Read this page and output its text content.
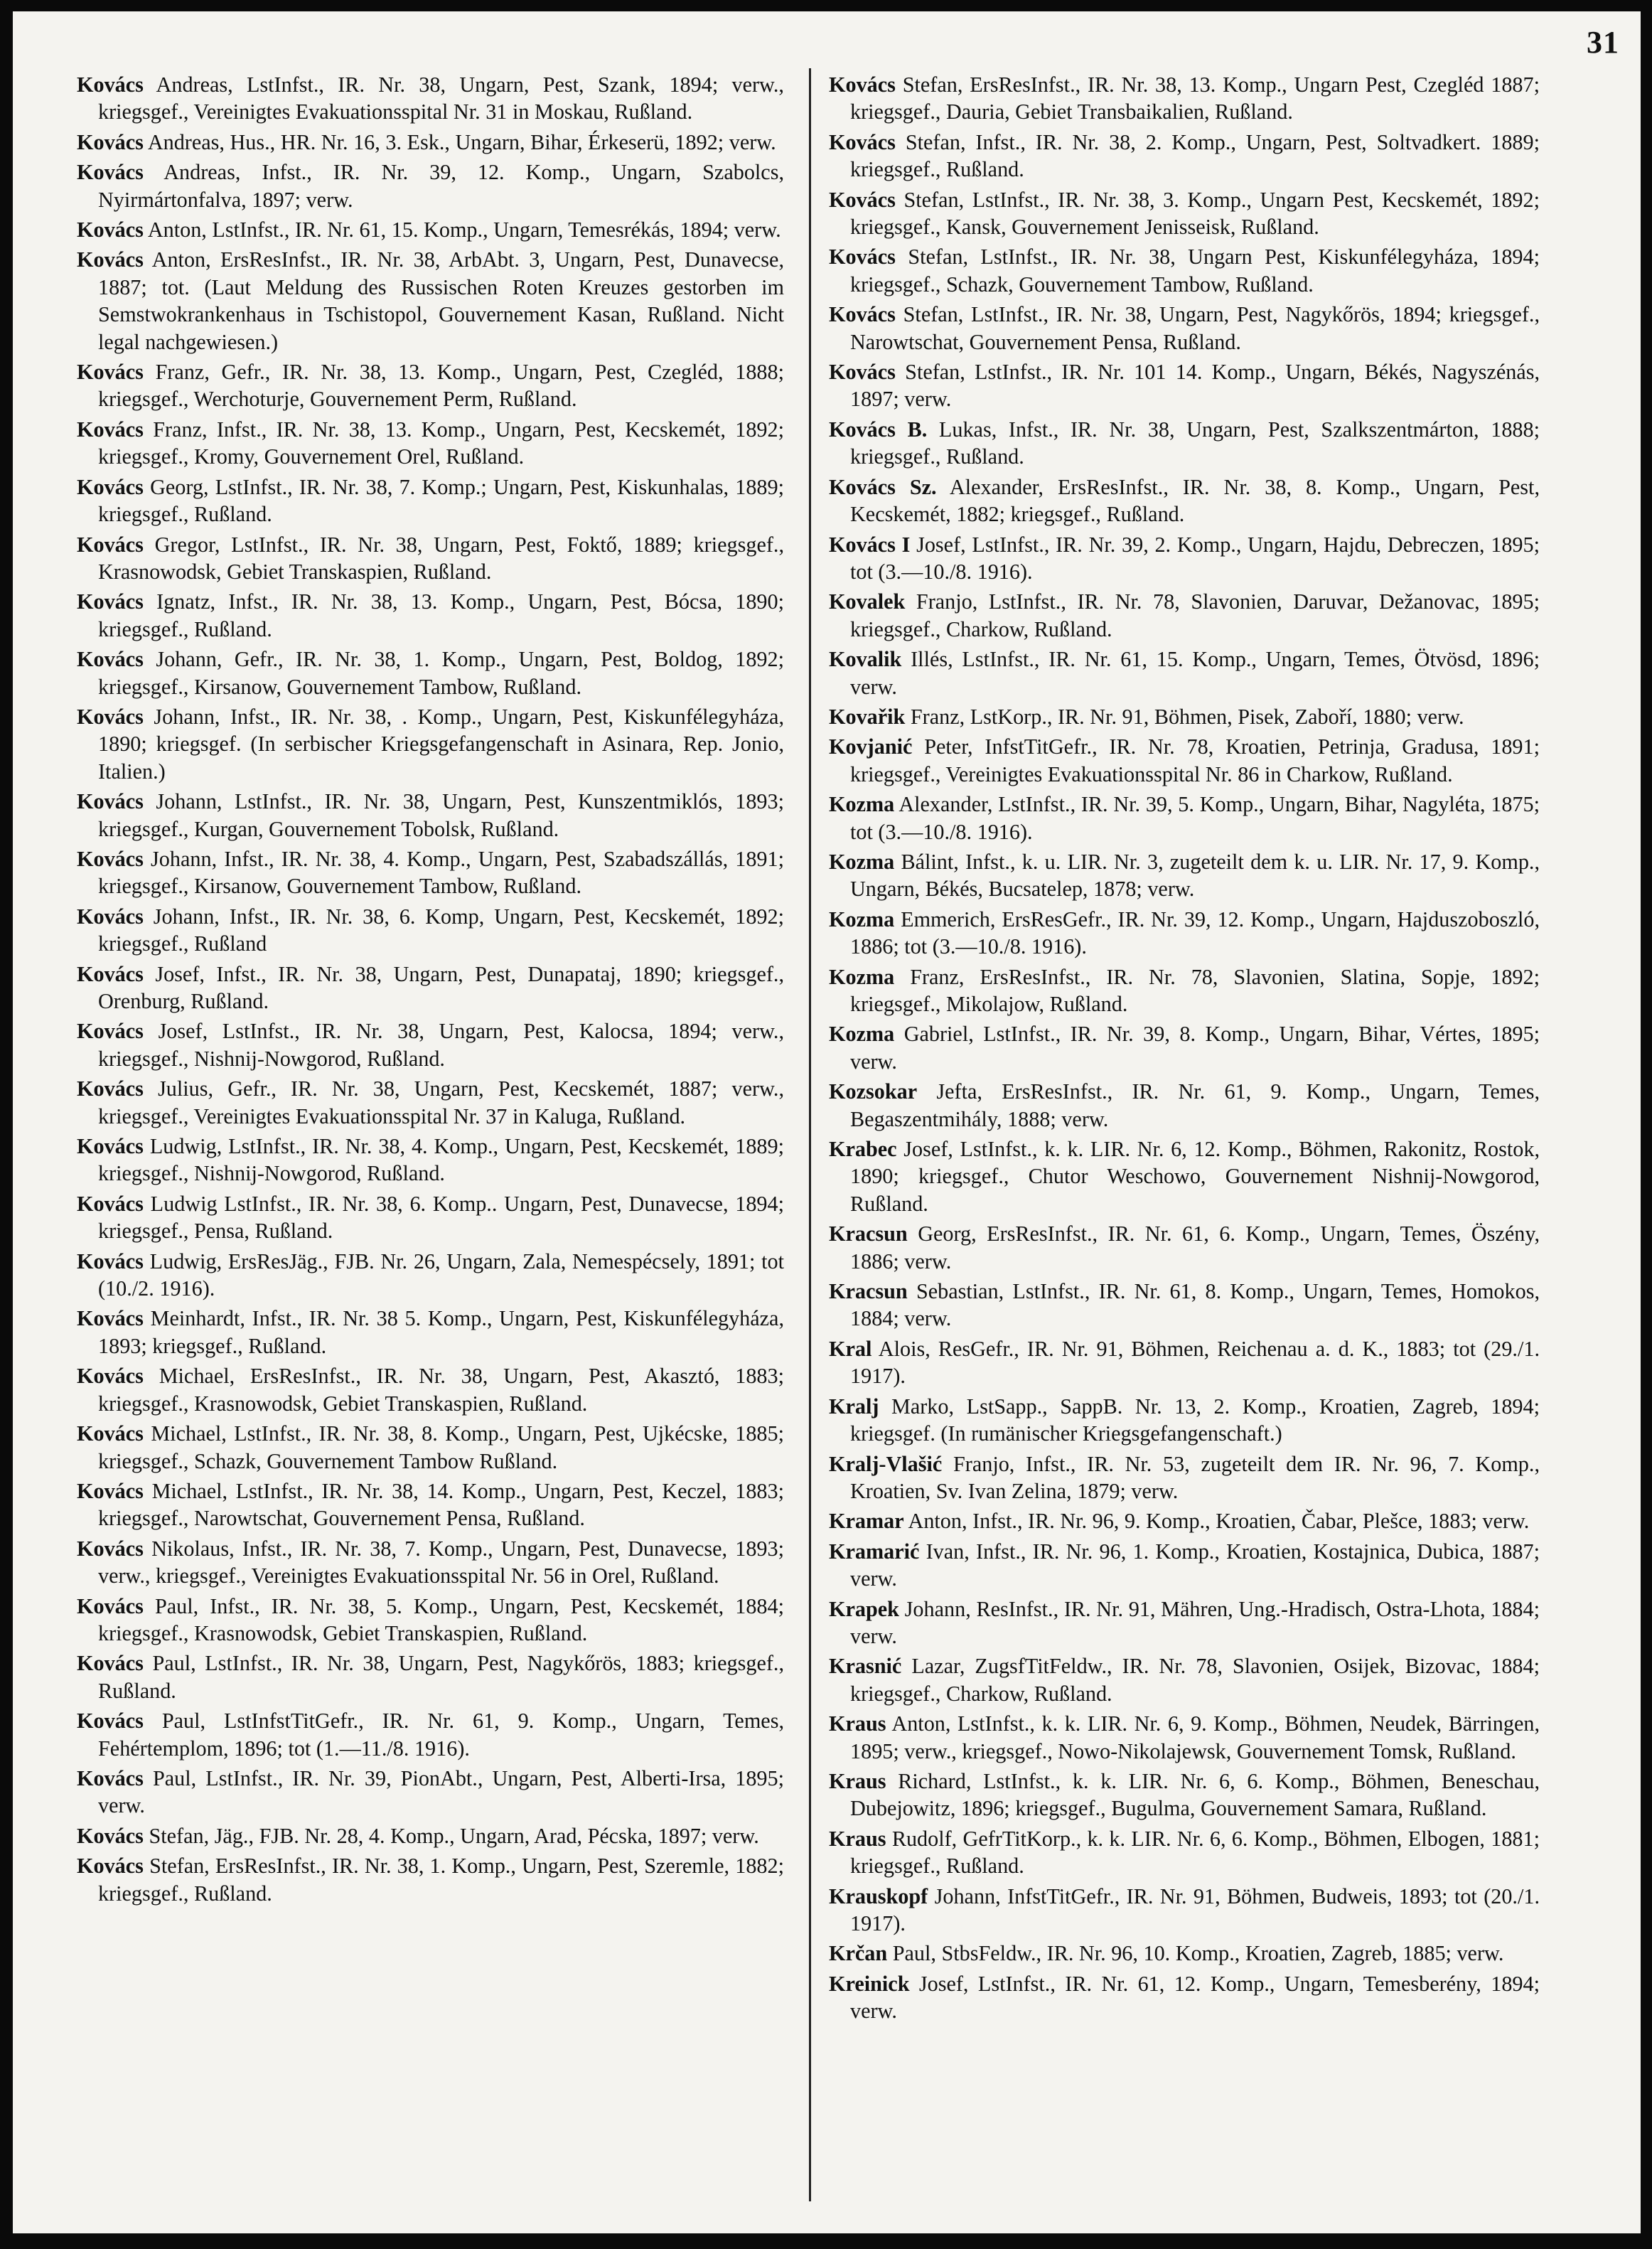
31

Kovács Andreas, LstInfst., IR. Nr. 38, Ungarn, Pest, Szank, 1894; verw., kriegsgef., Vereinigtes Evakuationsspital Nr. 31 in Moskau, Rußland.

Kovács Andreas, Hus., HR. Nr. 16, 3. Esk., Ungarn, Bihar, Érkeserü, 1892; verw.

Kovács Andreas, Infst., IR. Nr. 39, 12. Komp., Ungarn, Szabolcs, Nyirmártonfalva, 1897; verw.

Kovács Anton, LstInfst., IR. Nr. 61, 15. Komp., Ungarn, Temesrékás, 1894; verw.

Kovács Anton, ErsResInfst., IR. Nr. 38, ArbAbt. 3, Ungarn, Pest, Dunavecse, 1887; tot. (Laut Meldung des Russischen Roten Kreuzes gestorben im Semstwokrankenhaus in Tschistopol, Gouvernement Kasan, Rußland. Nicht legal nachgewiesen.)

Kovács Franz, Gefr., IR. Nr. 38, 13. Komp., Ungarn, Pest, Czegléd, 1888; kriegsgef., Werchoturje, Gouvernement Perm, Rußland.

Kovács Franz, Infst., IR. Nr. 38, 13. Komp., Ungarn, Pest, Kecskemét, 1892; kriegsgef., Kromy, Gouvernement Orel, Rußland.

Kovács Georg, LstInfst., IR. Nr. 38, 7. Komp.; Ungarn, Pest, Kiskunhalas, 1889; kriegsgef., Rußland.

Kovács Gregor, LstInfst., IR. Nr. 38, Ungarn, Pest, Foktő, 1889; kriegsgef., Krasnowodsk, Gebiet Transkaspien, Rußland.

Kovács Ignatz, Infst., IR. Nr. 38, 13. Komp., Ungarn, Pest, Bócsa, 1890; kriegsgef., Rußland.

Kovács Johann, Gefr., IR. Nr. 38, 1. Komp., Ungarn, Pest, Boldog, 1892; kriegsgef., Kirsanow, Gouvernement Tambow, Rußland.

Kovács Johann, Infst., IR. Nr. 38, . Komp., Ungarn, Pest, Kiskunfélegyháza, 1890; kriegsgef. (In serbischer Kriegsgefangenschaft in Asinara, Rep. Jonio, Italien.)

Kovács Johann, LstInfst., IR. Nr. 38, Ungarn, Pest, Kunszentmiklós, 1893; kriegsgef., Kurgan, Gouvernement Tobolsk, Rußland.

Kovács Johann, Infst., IR. Nr. 38, 4. Komp., Ungarn, Pest, Szabadszállás, 1891; kriegsgef., Kirsanow, Gouvernement Tambow, Rußland.

Kovács Johann, Infst., IR. Nr. 38, 6. Komp, Ungarn, Pest, Kecskemét, 1892; kriegsgef., Rußland

Kovács Josef, Infst., IR. Nr. 38, Ungarn, Pest, Dunapataj, 1890; kriegsgef., Orenburg, Rußland.

Kovács Josef, LstInfst., IR. Nr. 38, Ungarn, Pest, Kalocsa, 1894; verw., kriegsgef., Nishnij-Nowgorod, Rußland.

Kovács Julius, Gefr., IR. Nr. 38, Ungarn, Pest, Kecskemét, 1887; verw., kriegsgef., Vereinigtes Evakuationsspital Nr. 37 in Kaluga, Rußland.

Kovács Ludwig, LstInfst., IR. Nr. 38, 4. Komp., Ungarn, Pest, Kecskemét, 1889; kriegsgef., Nishnij-Nowgorod, Rußland.

Kovács Ludwig LstInfst., IR. Nr. 38, 6. Komp.. Ungarn, Pest, Dunavecse, 1894; kriegsgef., Pensa, Rußland.

Kovács Ludwig, ErsResJäg., FJB. Nr. 26, Ungarn, Zala, Nemespécsely, 1891; tot (10./2. 1916).

Kovács Meinhardt, Infst., IR. Nr. 38 5. Komp., Ungarn, Pest, Kiskunfélegyháza, 1893; kriegsgef., Rußland.

Kovács Michael, ErsResInfst., IR. Nr. 38, Ungarn, Pest, Akasztó, 1883; kriegsgef., Krasnowodsk, Gebiet Transkaspien, Rußland.

Kovács Michael, LstInfst., IR. Nr. 38, 8. Komp., Ungarn, Pest, Ujkécske, 1885; kriegsgef., Schazk, Gouvernement Tambow Rußland.

Kovács Michael, LstInfst., IR. Nr. 38, 14. Komp., Ungarn, Pest, Keczel, 1883; kriegsgef., Narowtschat, Gouvernement Pensa, Rußland.

Kovács Nikolaus, Infst., IR. Nr. 38, 7. Komp., Ungarn, Pest, Dunavecse, 1893; verw., kriegsgef., Vereinigtes Evakuationsspital Nr. 56 in Orel, Rußland.

Kovács Paul, Infst., IR. Nr. 38, 5. Komp., Ungarn, Pest, Kecskemét, 1884; kriegsgef., Krasnowodsk, Gebiet Transkaspien, Rußland.

Kovács Paul, LstInfst., IR. Nr. 38, Ungarn, Pest, Nagykőrös, 1883; kriegsgef., Rußland.

Kovács Paul, LstInfstTitGefr., IR. Nr. 61, 9. Komp., Ungarn, Temes, Fehértemplom, 1896; tot (1.—11./8. 1916).

Kovács Paul, LstInfst., IR. Nr. 39, PionAbt., Ungarn, Pest, Alberti-Irsa, 1895; verw.

Kovács Stefan, Jäg., FJB. Nr. 28, 4. Komp., Ungarn, Arad, Pécska, 1897; verw.

Kovács Stefan, ErsResInfst., IR. Nr. 38, 1. Komp., Ungarn, Pest, Szeremle, 1882; kriegsgef., Rußland.

Kovács Stefan, ErsResInfst., IR. Nr. 38, 13. Komp., Ungarn Pest, Czegléd 1887; kriegsgef., Dauria, Gebiet Transbaikalien, Rußland.

Kovács Stefan, Infst., IR. Nr. 38, 2. Komp., Ungarn, Pest, Soltvadkert. 1889; kriegsgef., Rußland.

Kovács Stefan, LstInfst., IR. Nr. 38, 3. Komp., Ungarn Pest, Kecskemét, 1892; kriegsgef., Kansk, Gouvernement Jenisseisk, Rußland.

Kovács Stefan, LstInfst., IR. Nr. 38, Ungarn Pest, Kiskunfélegyháza, 1894; kriegsgef., Schazk, Gouvernement Tambow, Rußland.

Kovács Stefan, LstInfst., IR. Nr. 38, Ungarn, Pest, Nagykőrös, 1894; kriegsgef., Narowtschat, Gouvernement Pensa, Rußland.

Kovács Stefan, LstInfst., IR. Nr. 101 14. Komp., Ungarn, Békés, Nagyszénás, 1897; verw.

Kovács B. Lukas, Infst., IR. Nr. 38, Ungarn, Pest, Szalkszentmárton, 1888; kriegsgef., Rußland.

Kovács Sz. Alexander, ErsResInfst., IR. Nr. 38, 8. Komp., Ungarn, Pest, Kecskemét, 1882; kriegsgef., Rußland.

Kovács I Josef, LstInfst., IR. Nr. 39, 2. Komp., Ungarn, Hajdu, Debreczen, 1895; tot (3.—10./8. 1916).

Kovalek Franjo, LstInfst., IR. Nr. 78, Slavonien, Daruvar, Dežanovac, 1895; kriegsgef., Charkow, Rußland.

Kovalik Illés, LstInfst., IR. Nr. 61, 15. Komp., Ungarn, Temes, Ötvösd, 1896; verw.

Kovařik Franz, LstKorp., IR. Nr. 91, Böhmen, Pisek, Zaboří, 1880; verw.

Kovjanić Peter, InfstTitGefr., IR. Nr. 78, Kroatien, Petrinja, Gradusa, 1891; kriegsgef., Vereinigtes Evakuationsspital Nr. 86 in Charkow, Rußland.

Kozma Alexander, LstInfst., IR. Nr. 39, 5. Komp., Ungarn, Bihar, Nagyléta, 1875; tot (3.—10./8. 1916).

Kozma Bálint, Infst., k. u. LIR. Nr. 3, zugeteilt dem k. u. LIR. Nr. 17, 9. Komp., Ungarn, Békés, Bucsatelep, 1878; verw.

Kozma Emmerich, ErsResGefr., IR. Nr. 39, 12. Komp., Ungarn, Hajduszoboszló, 1886; tot (3.—10./8. 1916).

Kozma Franz, ErsResInfst., IR. Nr. 78, Slavonien, Slatina, Sopje, 1892; kriegsgef., Mikolajow, Rußland.

Kozma Gabriel, LstInfst., IR. Nr. 39, 8. Komp., Ungarn, Bihar, Vértes, 1895; verw.

Kozsokar Jefta, ErsResInfst., IR. Nr. 61, 9. Komp., Ungarn, Temes, Begaszentmihály, 1888; verw.

Krabec Josef, LstInfst., k. k. LIR. Nr. 6, 12. Komp., Böhmen, Rakonitz, Rostok, 1890; kriegsgef., Chutor Weschowo, Gouvernement Nishnij-Nowgorod, Rußland.

Kracsun Georg, ErsResInfst., IR. Nr. 61, 6. Komp., Ungarn, Temes, Öszény, 1886; verw.

Kracsun Sebastian, LstInfst., IR. Nr. 61, 8. Komp., Ungarn, Temes, Homokos, 1884; verw.

Kral Alois, ResGefr., IR. Nr. 91, Böhmen, Reichenau a. d. K., 1883; tot (29./1. 1917).

Kralj Marko, LstSapp., SappB. Nr. 13, 2. Komp., Kroatien, Zagreb, 1894; kriegsgef. (In rumänischer Kriegsgefangenschaft.)

Kralj-Vlašić Franjo, Infst., IR. Nr. 53, zugeteilt dem IR. Nr. 96, 7. Komp., Kroatien, Sv. Ivan Zelina, 1879; verw.

Kramar Anton, Infst., IR. Nr. 96, 9. Komp., Kroatien, Čabar, Plešce, 1883; verw.

Kramarić Ivan, Infst., IR. Nr. 96, 1. Komp., Kroatien, Kostajnica, Dubica, 1887; verw.

Krapek Johann, ResInfst., IR. Nr. 91, Mähren, Ung.-Hradisch, Ostra-Lhota, 1884; verw.

Krasnić Lazar, ZugsfTitFeldw., IR. Nr. 78, Slavonien, Osijek, Bizovac, 1884; kriegsgef., Charkow, Rußland.

Kraus Anton, LstInfst., k. k. LIR. Nr. 6, 9. Komp., Böhmen, Neudek, Bärringen, 1895; verw., kriegsgef., Nowo-Nikolajewsk, Gouvernement Tomsk, Rußland.

Kraus Richard, LstInfst., k. k. LIR. Nr. 6, 6. Komp., Böhmen, Beneschau, Dubejowitz, 1896; kriegsgef., Bugulma, Gouvernement Samara, Rußland.

Kraus Rudolf, GefrTitKorp., k. k. LIR. Nr. 6, 6. Komp., Böhmen, Elbogen, 1881; kriegsgef., Rußland.

Krauskopf Johann, InfstTitGefr., IR. Nr. 91, Böhmen, Budweis, 1893; tot (20./1. 1917).

Krčan Paul, StbsFeldw., IR. Nr. 96, 10. Komp., Kroatien, Zagreb, 1885; verw.

Kreinick Josef, LstInfst., IR. Nr. 61, 12. Komp., Ungarn, Temesberény, 1894; verw.
